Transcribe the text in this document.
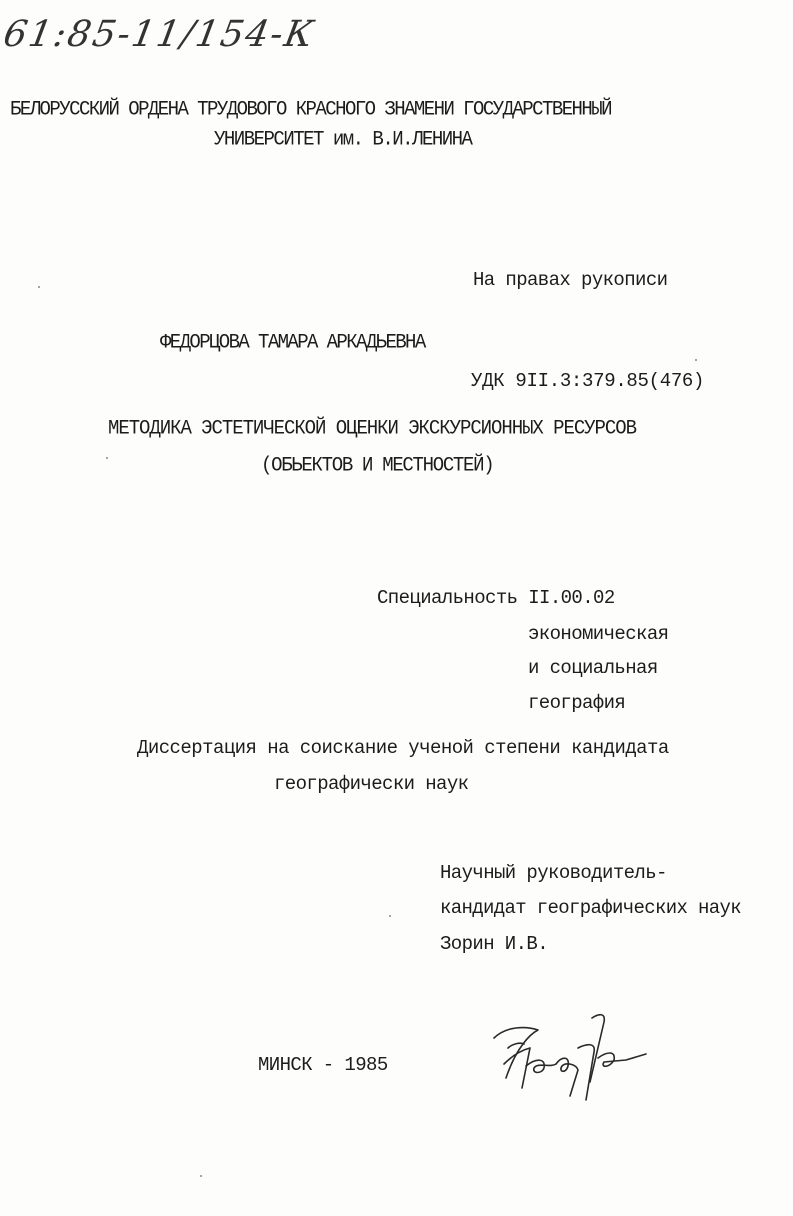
61:85-11/154-К
БЕЛОРУССКИЙ ОРДЕНА ТРУДОВОГО КРАСНОГО ЗНАМЕНИ ГОСУДАРСТВЕННЫЙ
УНИВЕРСИТЕТ им. В.И.ЛЕНИНА
На правах рукописи
ФЕДОРЦОВА ТАМАРА АРКАДЬЕВНА
УДК 9II.3:379.85(476)
МЕТОДИКА ЭСТЕТИЧЕСКОЙ ОЦЕНКИ ЭКСКУРСИОННЫХ РЕСУРСОВ
(ОБЬЕКТОВ И МЕСТНОСТЕЙ)
Специальность II.00.02
экономическая
и социальная
география
Диссертация на соискание ученой степени кандидата
географически наук
Научный руководитель-
кандидат географических наук
Зорин И.В.
МИНСК - 1985
